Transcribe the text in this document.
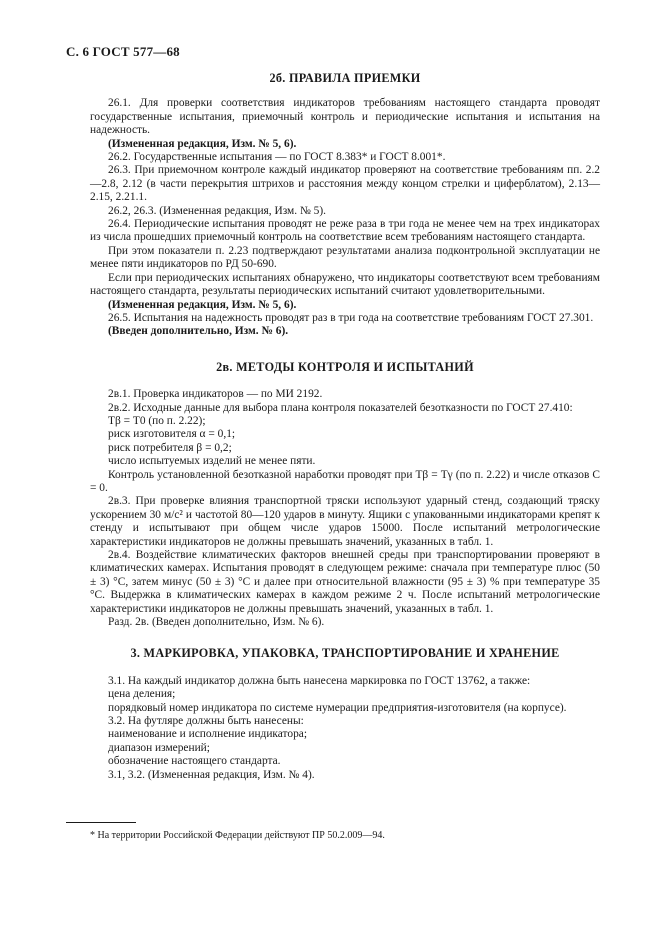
С. 6 ГОСТ 577—68
2б. ПРАВИЛА ПРИЕМКИ

26.1. Для проверки соответствия индикаторов требованиям настоящего стандарта проводят государственные испытания, приемочный контроль и периодические испытания и испытания на надежность.

(Измененная редакция, Изм. № 5, 6).

26.2. Государственные испытания — по ГОСТ 8.383* и ГОСТ 8.001*.

26.3. При приемочном контроле каждый индикатор проверяют на соответствие требованиям пп. 2.2—2.8, 2.12 (в части перекрытия штрихов и расстояния между концом стрелки и циферблатом), 2.13—2.15, 2.21.1.

26.2, 26.3. (Измененная редакция, Изм. № 5).

26.4. Периодические испытания проводят не реже раза в три года не менее чем на трех индикаторах из числа прошедших приемочный контроль на соответствие всем требованиям настоящего стандарта.

При этом показатели п. 2.23 подтверждают результатами анализа подконтрольной эксплуатации не менее пяти индикаторов по РД 50-690.

Если при периодических испытаниях обнаружено, что индикаторы соответствуют всем требованиям настоящего стандарта, результаты периодических испытаний считают удовлетворительными.

(Измененная редакция, Изм. № 5, 6).

26.5. Испытания на надежность проводят раз в три года на соответствие требованиям ГОСТ 27.301.

(Введен дополнительно, Изм. № 6).

2в. МЕТОДЫ КОНТРОЛЯ И ИСПЫТАНИЙ

2в.1. Проверка индикаторов — по МИ 2192.

2в.2. Исходные данные для выбора плана контроля показателей безотказности по ГОСТ 27.410:

Tβ = T0 (по п. 2.22);

риск изготовителя α = 0,1;

риск потребителя β = 0,2;

число испытуемых изделий не менее пяти.

Контроль установленной безотказной наработки проводят при Tβ = Tγ (по п. 2.22) и числе отказов C = 0.

2в.3. При проверке влияния транспортной тряски используют ударный стенд, создающий тряску ускорением 30 м/с² и частотой 80—120 ударов в минуту. Ящики с упакованными индикаторами крепят к стенду и испытывают при общем числе ударов 15000. После испытаний метрологические характеристики индикаторов не должны превышать значений, указанных в табл. 1.

2в.4. Воздействие климатических факторов внешней среды при транспортировании проверяют в климатических камерах. Испытания проводят в следующем режиме: сначала при температуре плюс (50 ± 3) °С, затем минус (50 ± 3) °С и далее при относительной влажности (95 ± 3) % при температуре 35 °С. Выдержка в климатических камерах в каждом режиме 2 ч. После испытаний метрологические характеристики индикаторов не должны превышать значений, указанных в табл. 1.

Разд. 2в. (Введен дополнительно, Изм. № 6).

3. МАРКИРОВКА, УПАКОВКА, ТРАНСПОРТИРОВАНИЕ И ХРАНЕНИЕ

3.1. На каждый индикатор должна быть нанесена маркировка по ГОСТ 13762, а также:

цена деления;

порядковый номер индикатора по системе нумерации предприятия-изготовителя (на корпусе).

3.2. На футляре должны быть нанесены:

наименование и исполнение индикатора;

диапазон измерений;

обозначение настоящего стандарта.

3.1, 3.2. (Измененная редакция, Изм. № 4).

* На территории Российской Федерации действуют ПР 50.2.009—94.
